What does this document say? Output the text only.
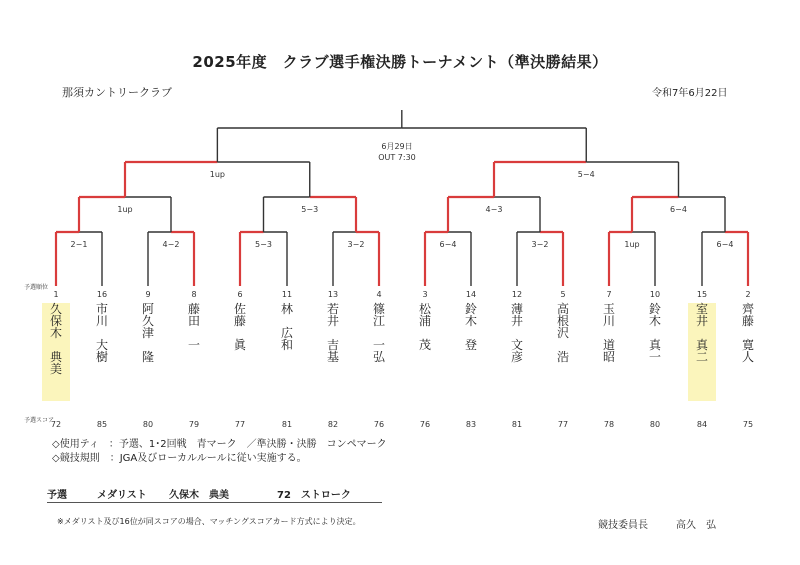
2025年度　クラブ選手権決勝トーナメント（準決勝結果）
那須カントリークラブ	令和7年6月22日
6月29日
OUT 7:30
2−1	4−2	5−3	3−2	6−4	3−2	1up	6−4
1up	5−3	4−3	6−4
1up	5−4
予選順位
予選スコア
1
久
保
木

典
美
72
16
市
川

大
樹
85
9
阿
久
津

隆
80
8
藤
田

一
79
6
佐
藤

眞
77
11
林

広
和
81
13
若
井

吉
基
82
4
篠
江

一
弘
76
3
松
浦

茂
76
14
鈴
木

登
83
12
薄
井

文
彦
81
5
高
根
沢

浩
77
7
玉
川

道
昭
78
10
鈴
木

真
一
80
15
室
井

真
二
84
2
齊
藤

寛
人
75
◇使用ティ　：予選、1･2回戦　青マーク　／準決勝・決勝　コンペマーク
◇競技規則　：JGA及びローカルルールに従い実施する。
予選	メダリスト 久保木　典美	72　ストローク
※メダリスト及び16位が同スコアの場合、マッチングスコアカード方式により決定。	競技委員長	高久　弘
